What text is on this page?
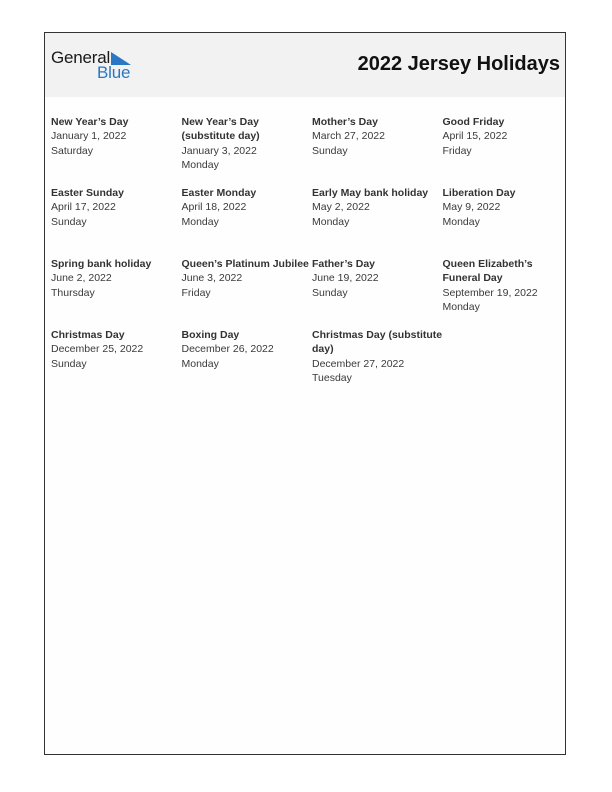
General
Blue	2022 Jersey Holidays
New Year’s Day
January 1, 2022
Saturday
New Year’s Day (substitute day)
January 3, 2022
Monday
Mother’s Day
March 27, 2022
Sunday
Good Friday
April 15, 2022
Friday
Easter Sunday
April 17, 2022
Sunday
Easter Monday
April 18, 2022
Monday
Early May bank holiday
May 2, 2022
Monday
Liberation Day
May 9, 2022
Monday
Spring bank holiday
June 2, 2022
Thursday
Queen’s Platinum Jubilee
June 3, 2022
Friday
Father’s Day
June 19, 2022
Sunday
Queen Elizabeth’s Funeral Day
September 19, 2022
Monday
Christmas Day
December 25, 2022
Sunday
Boxing Day
December 26, 2022
Monday
Christmas Day (substitute day)
December 27, 2022
Tuesday
